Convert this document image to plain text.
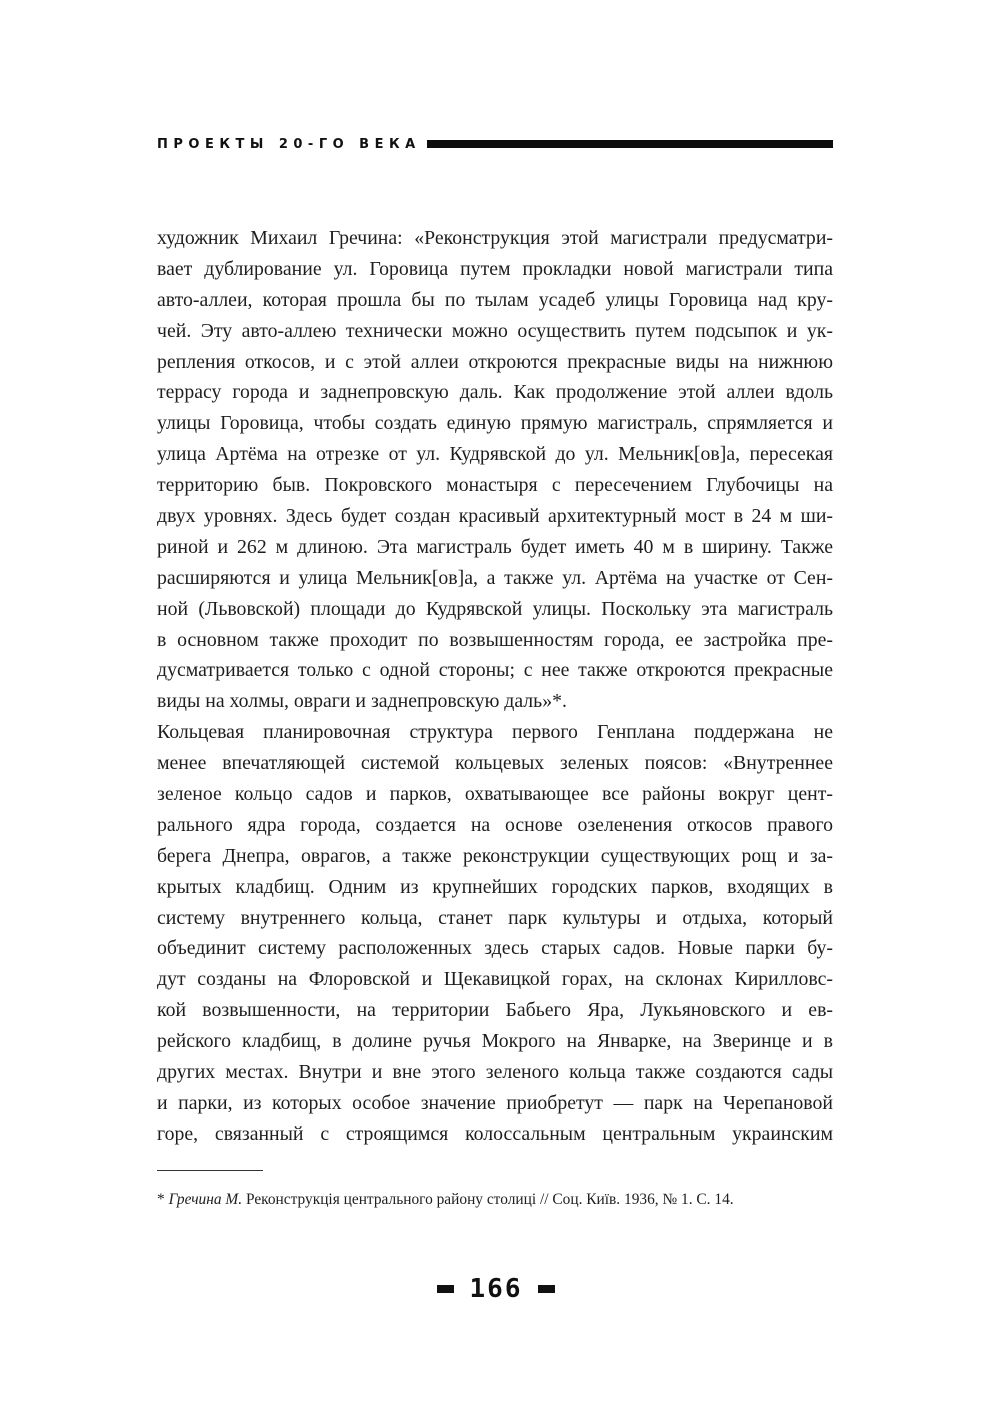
ПРОЕКТЫ 20-ГО ВЕКА
художник Михаил Гречина: «Реконструкция этой магистрали предусматри-
вает дублирование ул. Горовица путем прокладки новой магистрали типа
авто-аллеи, которая прошла бы по тылам усадеб улицы Горовица над кру-
чей. Эту авто-аллею технически можно осуществить путем подсыпок и ук-
репления откосов, и с этой аллеи откроются прекрасные виды на нижнюю
террасу города и заднепровскую даль. Как продолжение этой аллеи вдоль
улицы Горовица, чтобы создать единую прямую магистраль, спрямляется и
улица Артёма на отрезке от ул. Кудрявской до ул. Мельник[ов]а, пересекая
территорию быв. Покровского монастыря с пересечением Глубочицы на
двух уровнях. Здесь будет создан красивый архитектурный мост в 24 м ши-
риной и 262 м длиною. Эта магистраль будет иметь 40 м в ширину. Также
расширяются и улица Мельник[ов]а, а также ул. Артёма на участке от Сен-
ной (Львовской) площади до Кудрявской улицы. Поскольку эта магистраль
в основном также проходит по возвышенностям города, ее застройка пре-
дусматривается только с одной стороны; с нее также откроются прекрасные
виды на холмы, овраги и заднепровскую даль»*.
Кольцевая планировочная структура первого Генплана поддержана не
менее впечатляющей системой кольцевых зеленых поясов: «Внутреннее
зеленое кольцо садов и парков, охватывающее все районы вокруг цент-
рального ядра города, создается на основе озеленения откосов правого
берега Днепра, оврагов, а также реконструкции существующих рощ и за-
крытых кладбищ. Одним из крупнейших городских парков, входящих в
систему внутреннего кольца, станет парк культуры и отдыха, который
объединит систему расположенных здесь старых садов. Новые парки бу-
дут созданы на Флоровской и Щекавицкой горах, на склонах Кирилловс-
кой возвышенности, на территории Бабьего Яра, Лукьяновского и ев-
рейского кладбищ, в долине ручья Мокрого на Январке, на Зверинце и в
других местах. Внутри и вне этого зеленого кольца также создаются сады
и парки, из которых особое значение приобретут — парк на Черепановой
горе, связанный с строящимся колоссальным центральным украинским
* Гречина М. Реконструкція центрального району столиці // Соц. Київ. 1936, № 1. С. 14.
166
